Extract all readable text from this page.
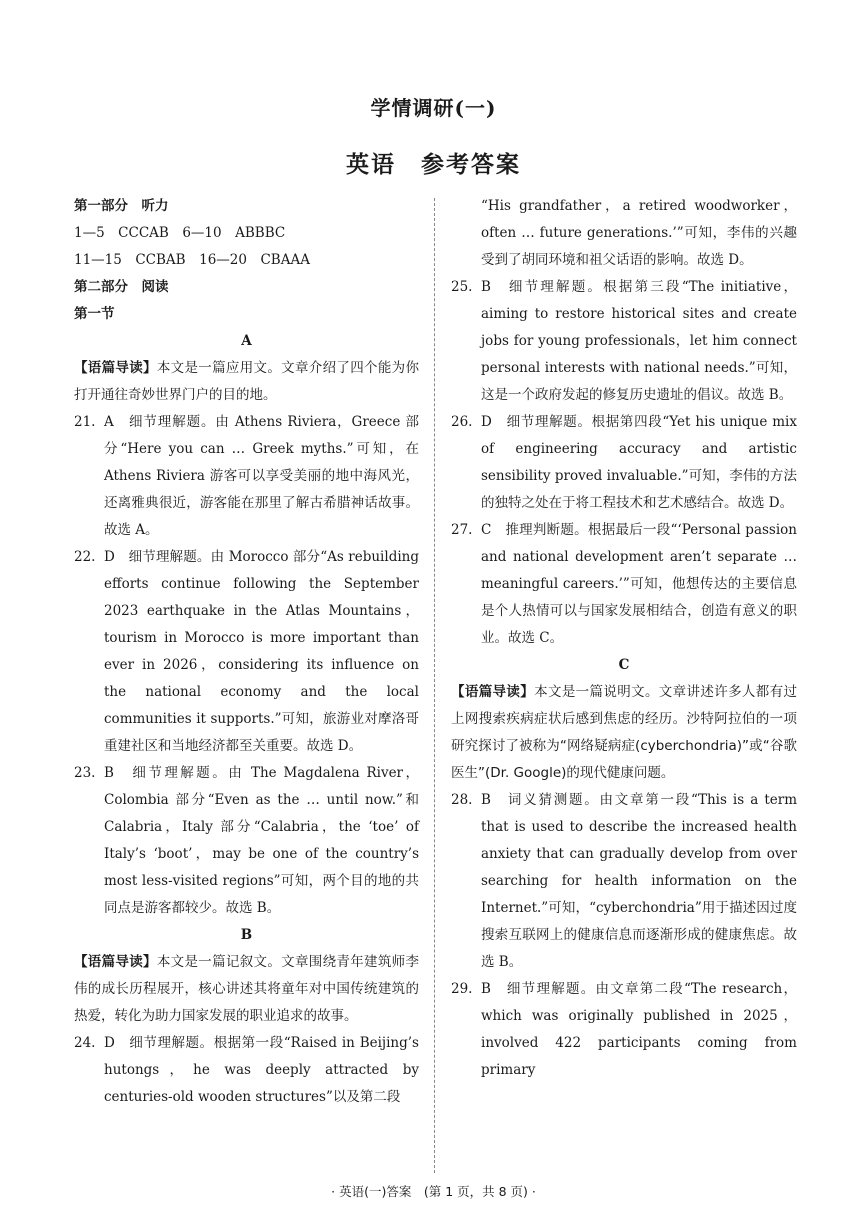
学情调研(一)
英语　参考答案
第一部分　听力
1—5　CCCAB　6—10　ABBBC
11—15　CCBAB　16—20　CBAAA
第二部分　阅读
第一节
A
【语篇导读】本文是一篇应用文。文章介绍了四个能为你打开通往奇妙世界门户的目的地。
21. A　细节理解题。由 Athens Riviera，Greece 部分“Here you can … Greek myths.”可知，在 Athens Riviera 游客可以享受美丽的地中海风光，还离雅典很近，游客能在那里了解古希腊神话故事。故选 A。
22. D　细节理解题。由 Morocco 部分“As rebuilding efforts continue following the September 2023 earthquake in the Atlas Mountains，tourism in Morocco is more important than ever in 2026，considering its influence on the national economy and the local communities it supports.”可知，旅游业对摩洛哥重建社区和当地经济都至关重要。故选 D。
23. B　细节理解题。由 The Magdalena River，Colombia 部分“Even as the … until now.”和 Calabria，Italy 部分“Calabria，the ‘toe’ of Italy’s ‘boot’，may be one of the country’s most less-visited regions”可知，两个目的地的共同点是游客都较少。故选 B。
B
【语篇导读】本文是一篇记叙文。文章围绕青年建筑师李伟的成长历程展开，核心讲述其将童年对中国传统建筑的热爱，转化为助力国家发展的职业追求的故事。
24. D　细节理解题。根据第一段“Raised in Beijing’s hutongs，he was deeply attracted by centuries-old wooden structures”以及第二段
“His grandfather，a retired woodworker，often … future generations.’”可知，李伟的兴趣受到了胡同环境和祖父话语的影响。故选 D。
25. B　细节理解题。根据第三段“The initiative，aiming to restore historical sites and create jobs for young professionals，let him connect personal interests with national needs.”可知，这是一个政府发起的修复历史遗址的倡议。故选 B。
26. D　细节理解题。根据第四段“Yet his unique mix of engineering accuracy and artistic sensibility proved invaluable.”可知，李伟的方法的独特之处在于将工程技术和艺术感结合。故选 D。
27. C　推理判断题。根据最后一段“‘Personal passion and national development aren’t separate … meaningful careers.’”可知，他想传达的主要信息是个人热情可以与国家发展相结合，创造有意义的职业。故选 C。
C
【语篇导读】本文是一篇说明文。文章讲述许多人都有过上网搜索疾病症状后感到焦虑的经历。沙特阿拉伯的一项研究探讨了被称为“网络疑病症(cyberchondria)”或“谷歌医生”(Dr. Google)的现代健康问题。
28. B　词义猜测题。由文章第一段“This is a term that is used to describe the increased health anxiety that can gradually develop from over searching for health information on the Internet.”可知，“cyberchondria”用于描述因过度搜索互联网上的健康信息而逐渐形成的健康焦虑。故选 B。
29. B　细节理解题。由文章第二段“The research，which was originally published in 2025，involved 422 participants coming from primary
· 英语(一)答案　(第 1 页，共 8 页) ·
